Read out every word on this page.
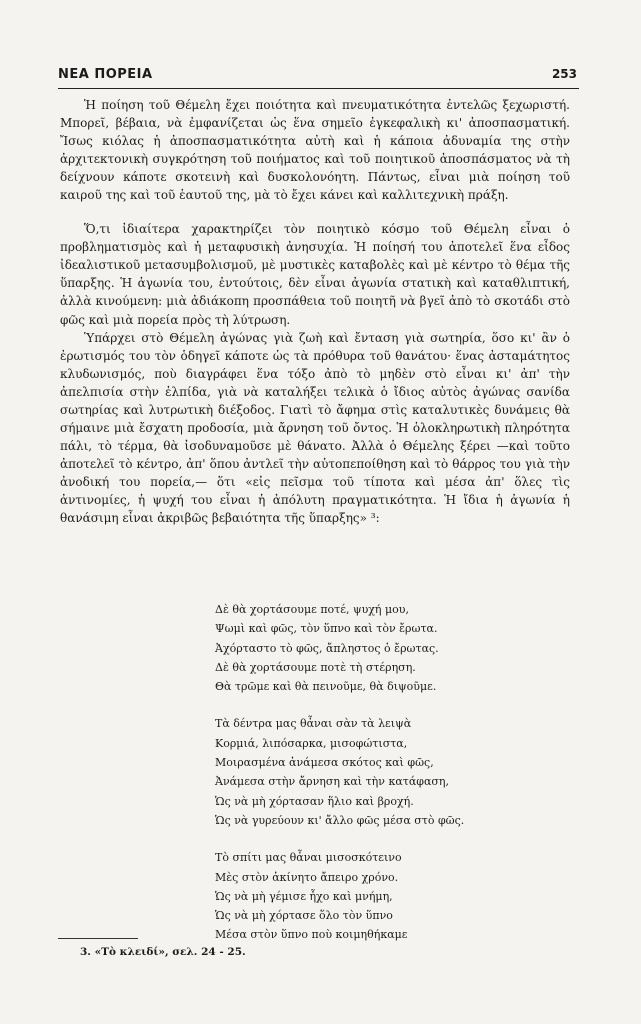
ΝΕΑ ΠΟΡΕΙΑ	253

Ἡ ποίηση τοῦ Θέμελη ἔχει ποιότητα καὶ πνευματικότητα ἐντελῶς ξεχωριστή. Μπορεῖ, βέβαια, νὰ ἐμφανίζεται ὡς ἕνα σημεῖο ἐγκεφαλικὴ κι' ἀποσπασματική. Ἴσως κιόλας ἡ ἀποσπασματικότητα αὐτὴ καὶ ἡ κάποια ἀδυναμία της στὴν ἀρχιτεκτονικὴ συγκρότηση τοῦ ποιήματος καὶ τοῦ ποιητικοῦ ἀποσπάσματος νὰ τὴ δείχνουν κάποτε σκοτεινὴ καὶ δυσκολονόητη. Πάντως, εἶναι μιὰ ποίηση τοῦ καιροῦ της καὶ τοῦ ἑαυτοῦ της, μὰ τὸ ἔχει κάνει καὶ καλλιτεχνικὴ πράξη.

Ὅ,τι ἰδιαίτερα χαρακτηρίζει τὸν ποιητικὸ κόσμο τοῦ Θέμελη εἶναι ὁ προβληματισμὸς καὶ ἡ μεταφυσικὴ ἀνησυχία. Ἡ ποίησή του ἀποτελεῖ ἕνα εἶδος ἰδεαλιστικοῦ μετασυμβολισμοῦ, μὲ μυστικὲς καταβολὲς καὶ μὲ κέντρο τὸ θέμα τῆς ὕπαρξης. Ἡ ἀγωνία του, ἐντούτοις, δὲν εἶναι ἀγωνία στατικὴ καὶ καταθλιπτική, ἀλλὰ κινούμενη: μιὰ ἀδιάκοπη προσπάθεια τοῦ ποιητῆ νὰ βγεῖ ἀπὸ τὸ σκοτάδι στὸ φῶς καὶ μιὰ πορεία πρὸς τὴ λύτρωση.

Ὑπάρχει στὸ Θέμελη ἀγώνας γιὰ ζωὴ καὶ ἔνταση γιὰ σωτηρία, ὅσο κι' ἂν ὁ ἐρωτισμός του τὸν ὁδηγεῖ κάποτε ὡς τὰ πρόθυρα τοῦ θανάτου· ἕνας ἀσταμάτητος κλυδωνισμός, ποὺ διαγράφει ἕνα τόξο ἀπὸ τὸ μηδὲν στὸ εἶναι κι' ἀπ' τὴν ἀπελπισία στὴν ἐλπίδα, γιὰ νὰ καταλήξει τελικὰ ὁ ἴδιος αὐτὸς ἀγώνας σανίδα σωτηρίας καὶ λυτρωτικὴ διέξοδος. Γιατὶ τὸ ἄφημα στὶς καταλυτικὲς δυνάμεις θὰ σήμαινε μιὰ ἔσχατη προδοσία, μιὰ ἄρνηση τοῦ ὄντος. Ἡ ὁλοκληρωτικὴ πληρότητα πάλι, τὸ τέρμα, θὰ ἰσοδυναμοῦσε μὲ θάνατο. Ἀλλὰ ὁ Θέμελης ξέρει —καὶ τοῦτο ἀποτελεῖ τὸ κέντρο, ἀπ' ὅπου ἀντλεῖ τὴν αὐτοπεποίθηση καὶ τὸ θάρρος του γιὰ τὴν ἀνοδική του πορεία,— ὅτι «εἰς πεῖσμα τοῦ τίποτα καὶ μέσα ἀπ' ὅλες τὶς ἀντινομίες, ἡ ψυχή του εἶναι ἡ ἀπόλυτη πραγματικότητα. Ἡ ἴδια ἡ ἀγωνία ἡ θανάσιμη εἶναι ἀκριβῶς βεβαιότητα τῆς ὕπαρξης» ³:

Δὲ θὰ χορτάσουμε ποτέ, ψυχή μου,
Ψωμὶ καὶ φῶς, τὸν ὕπνο καὶ τὸν ἔρωτα.
Ἀχόρταστο τὸ φῶς, ἄπληστος ὁ ἔρωτας.
Δὲ θὰ χορτάσουμε ποτὲ τὴ στέρηση.
Θὰ τρῶμε καὶ θὰ πεινοῦμε, θὰ διψοῦμε.
Τὰ δέντρα μας θἆναι σὰν τὰ λειψὰ
Κορμιά, λιπόσαρκα, μισοφώτιστα,
Μοιρασμένα ἀνάμεσα σκότος καὶ φῶς,
Ἀνάμεσα στὴν ἄρνηση καὶ τὴν κατάφαση,
Ὡς νὰ μὴ χόρτασαν ἥλιο καὶ βροχή.
Ὡς νὰ γυρεύουν κι' ἄλλο φῶς μέσα στὸ φῶς.
Τὸ σπίτι μας θἆναι μισοσκότεινο
Μὲς στὸν ἀκίνητο ἄπειρο χρόνο.
Ὡς νὰ μὴ γέμισε ἦχο καὶ μνήμη,
Ὡς νὰ μὴ χόρτασε ὅλο τὸν ὕπνο
Μέσα στὸν ὕπνο ποὺ κοιμηθήκαμε
3. «Τὸ κλειδί», σελ. 24 - 25.
